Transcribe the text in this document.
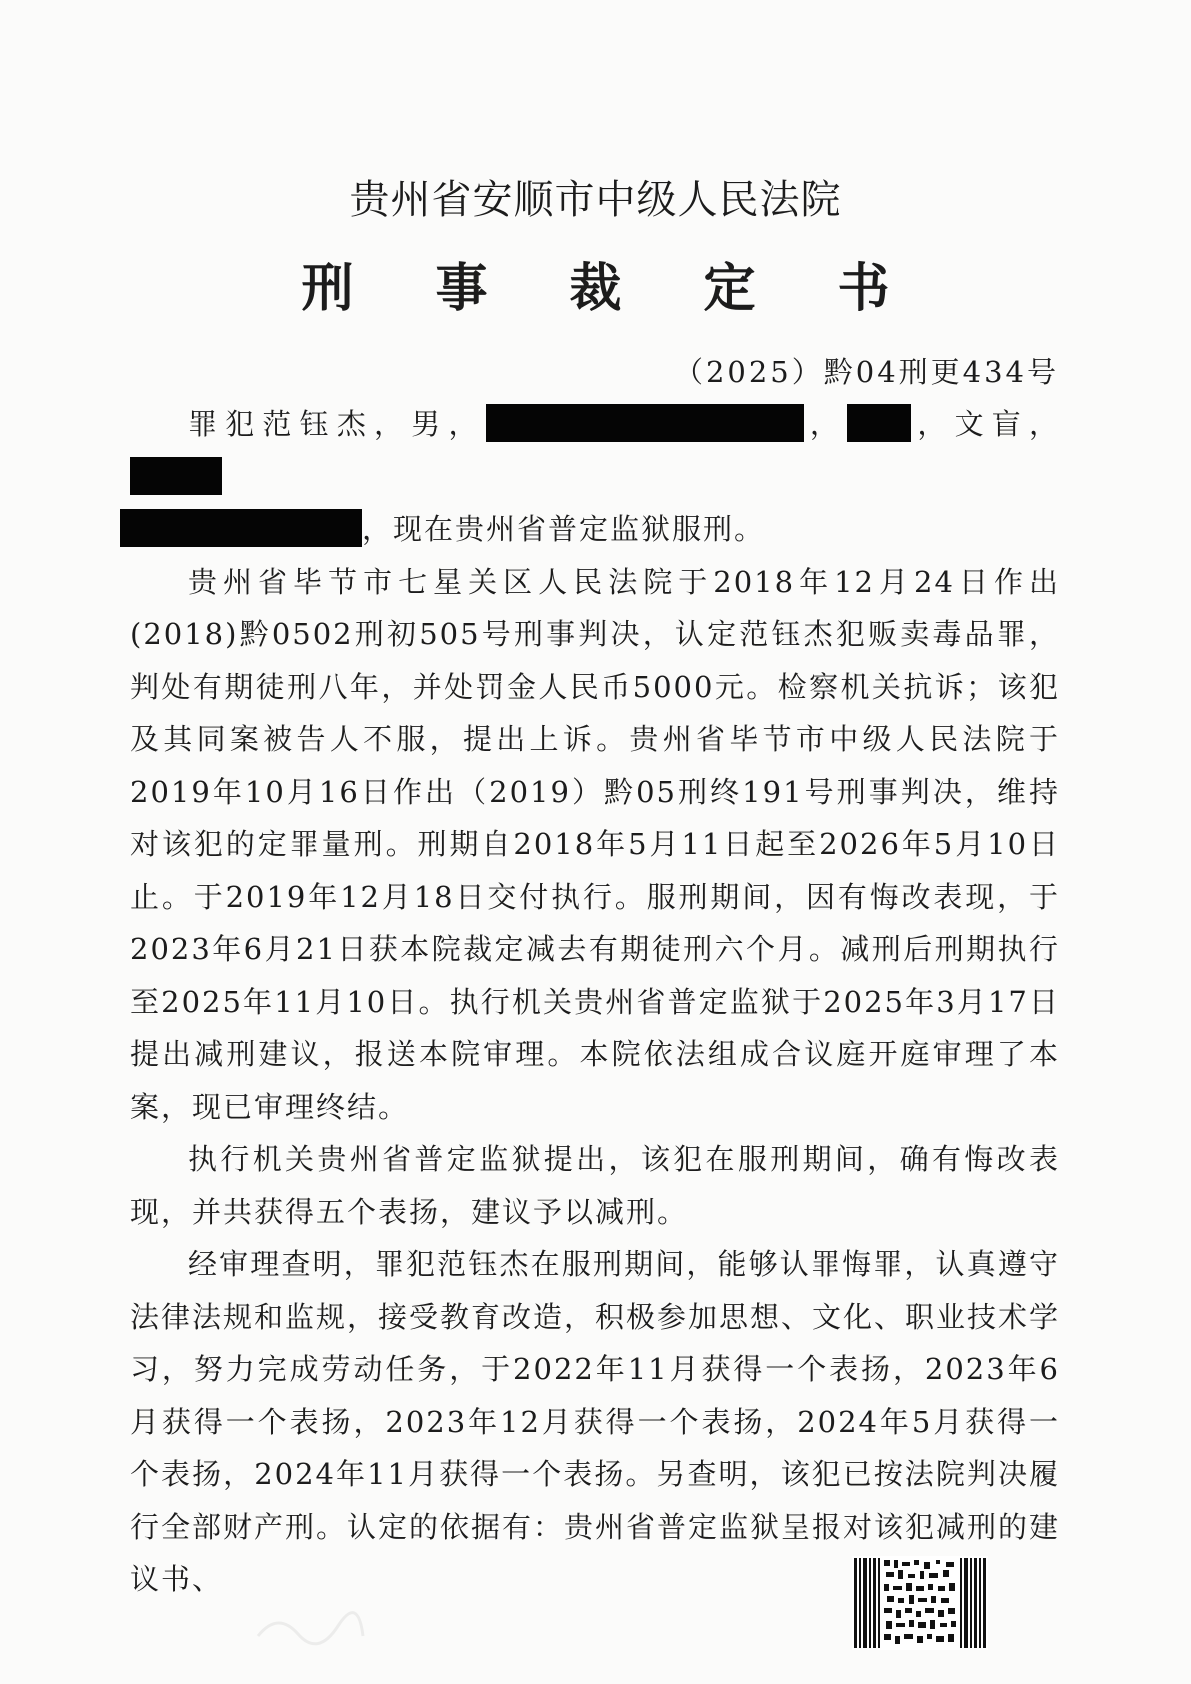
贵州省安顺市中级人民法院
刑 事 裁 定 书
（2025）黔04刑更434号

罪犯范钰杰，男，	， ，文盲，
，现在贵州省普定监狱服刑。

贵州省毕节市七星关区人民法院于2018年12月24日作出(2018)黔0502刑初505号刑事判决，认定范钰杰犯贩卖毒品罪，判处有期徒刑八年，并处罚金人民币5000元。检察机关抗诉；该犯及其同案被告人不服，提出上诉。贵州省毕节市中级人民法院于2019年10月16日作出（2019）黔05刑终191号刑事判决，维持对该犯的定罪量刑。刑期自2018年5月11日起至2026年5月10日止。于2019年12月18日交付执行。服刑期间，因有悔改表现，于2023年6月21日获本院裁定减去有期徒刑六个月。减刑后刑期执行至2025年11月10日。执行机关贵州省普定监狱于2025年3月17日提出减刑建议，报送本院审理。本院依法组成合议庭开庭审理了本案，现已审理终结。

执行机关贵州省普定监狱提出，该犯在服刑期间，确有悔改表现，并共获得五个表扬，建议予以减刑。

经审理查明，罪犯范钰杰在服刑期间，能够认罪悔罪，认真遵守法律法规和监规，接受教育改造，积极参加思想、文化、职业技术学习，努力完成劳动任务，于2022年11月获得一个表扬，2023年6月获得一个表扬，2023年12月获得一个表扬，2024年5月获得一个表扬，2024年11月获得一个表扬。另查明，该犯已按法院判决履行全部财产刑。认定的依据有：贵州省普定监狱呈报对该犯减刑的建议书、
